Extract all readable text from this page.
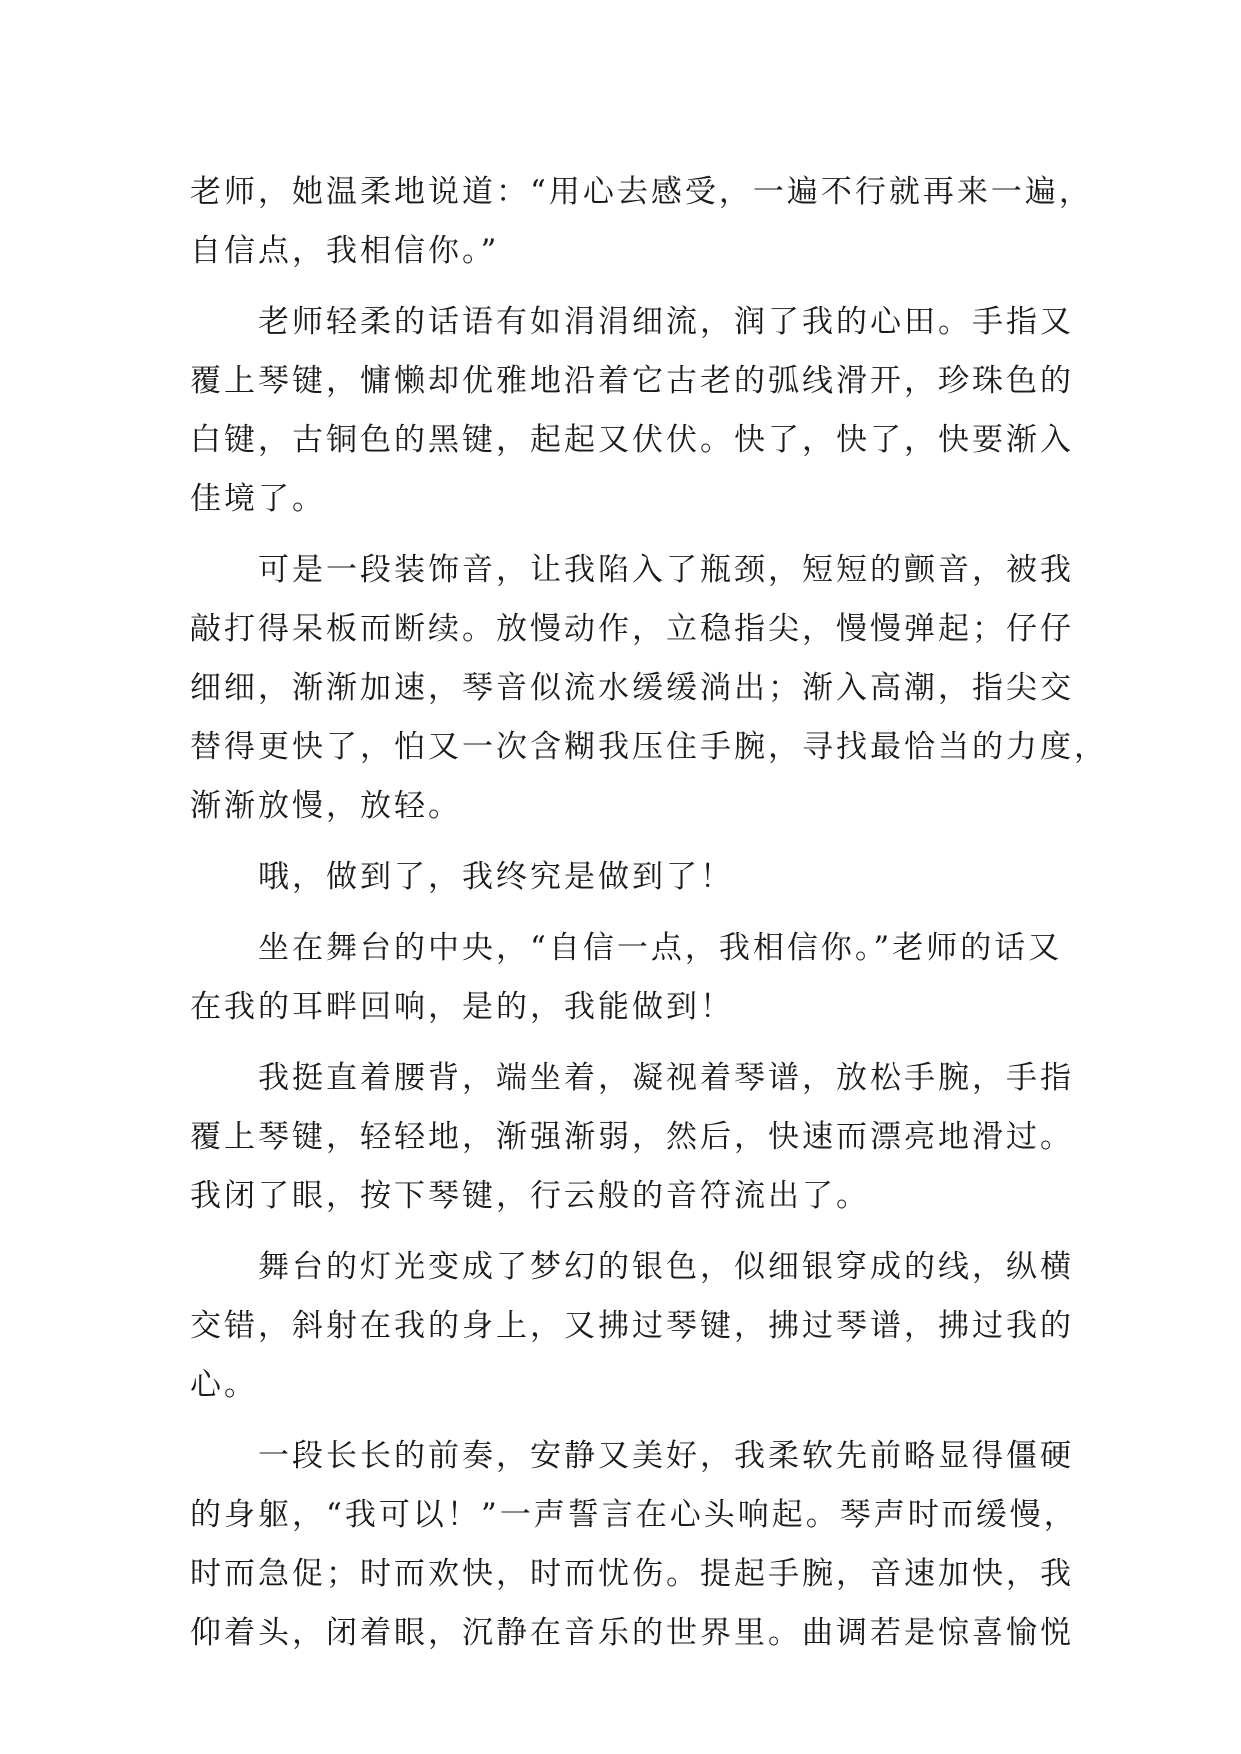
老师，她温柔地说道：“用心去感受，一遍不行就再来一遍，
自信点，我相信你。”
　　老师轻柔的话语有如涓涓细流，润了我的心田。手指又
覆上琴键，慵懒却优雅地沿着它古老的弧线滑开，珍珠色的
白键，古铜色的黑键，起起又伏伏。快了，快了，快要渐入
佳境了。
　　可是一段装饰音，让我陷入了瓶颈，短短的颤音，被我
敲打得呆板而断续。放慢动作，立稳指尖，慢慢弹起；仔仔
细细，渐渐加速，琴音似流水缓缓淌出；渐入高潮，指尖交
替得更快了，怕又一次含糊我压住手腕，寻找最恰当的力度，
渐渐放慢，放轻。
　　哦，做到了，我终究是做到了！
　　坐在舞台的中央，“自信一点，我相信你。”老师的话又
在我的耳畔回响，是的，我能做到！
　　我挺直着腰背，端坐着，凝视着琴谱，放松手腕，手指
覆上琴键，轻轻地，渐强渐弱，然后，快速而漂亮地滑过。
我闭了眼，按下琴键，行云般的音符流出了。
　　舞台的灯光变成了梦幻的银色，似细银穿成的线，纵横
交错，斜射在我的身上，又拂过琴键，拂过琴谱，拂过我的
心。
　　一段长长的前奏，安静又美好，我柔软先前略显得僵硬
的身躯，“我可以！”一声誓言在心头响起。琴声时而缓慢，
时而急促；时而欢快，时而忧伤。提起手腕，音速加快，我
仰着头，闭着眼，沉静在音乐的世界里。曲调若是惊喜愉悦
